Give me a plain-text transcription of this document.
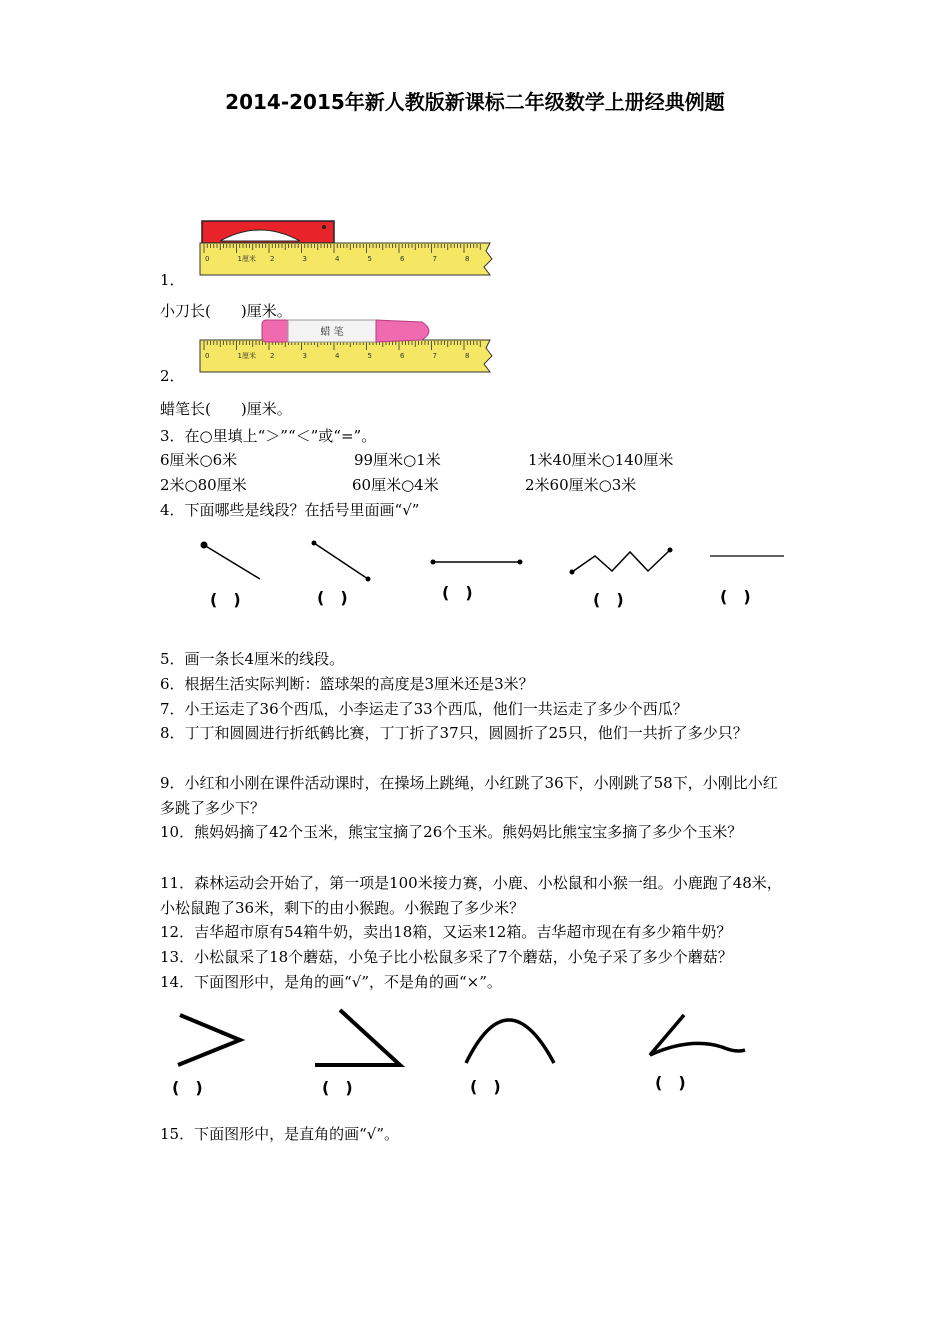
2014-2015年新人教版新课标二年级数学上册经典例题
0	1厘米 2	3	4	5	6	7	8
1．
小刀长(　　)厘米。
0	1厘米 2	3	4	5	6	7	8
蜡 笔
2．
蜡笔长(　　)厘米。
3．在○里填上“＞”“＜”或“=”。
6厘米○6米	99厘米○1米	1米40厘米○140厘米
2米○80厘米	60厘米○4米	2米60厘米○3米
4．下面哪些是线段？在括号里面画“√”
(　)	(　)	(　)	(　)	(　)
5．画一条长4厘米的线段。
6．根据生活实际判断：篮球架的高度是3厘米还是3米？
7．小王运走了36个西瓜，小李运走了33个西瓜，他们一共运走了多少个西瓜？
8．丁丁和圆圆进行折纸鹤比赛，丁丁折了37只，圆圆折了25只，他们一共折了多少只？
9．小红和小刚在课件活动课时，在操场上跳绳，小红跳了36下，小刚跳了58下，小刚比小红多跳了多少下？
10．熊妈妈摘了42个玉米，熊宝宝摘了26个玉米。熊妈妈比熊宝宝多摘了多少个玉米？
11．森林运动会开始了，第一项是100米接力赛，小鹿、小松鼠和小猴一组。小鹿跑了48米，小松鼠跑了36米，剩下的由小猴跑。小猴跑了多少米？
12．吉华超市原有54箱牛奶，卖出18箱，又运来12箱。吉华超市现在有多少箱牛奶？
13．小松鼠采了18个蘑菇，小兔子比小松鼠多采了7个蘑菇，小兔子采了多少个蘑菇？
14．下面图形中，是角的画“√”，不是角的画“×”。
(　)	(　)	(　)	(　)
15．下面图形中，是直角的画“√”。
